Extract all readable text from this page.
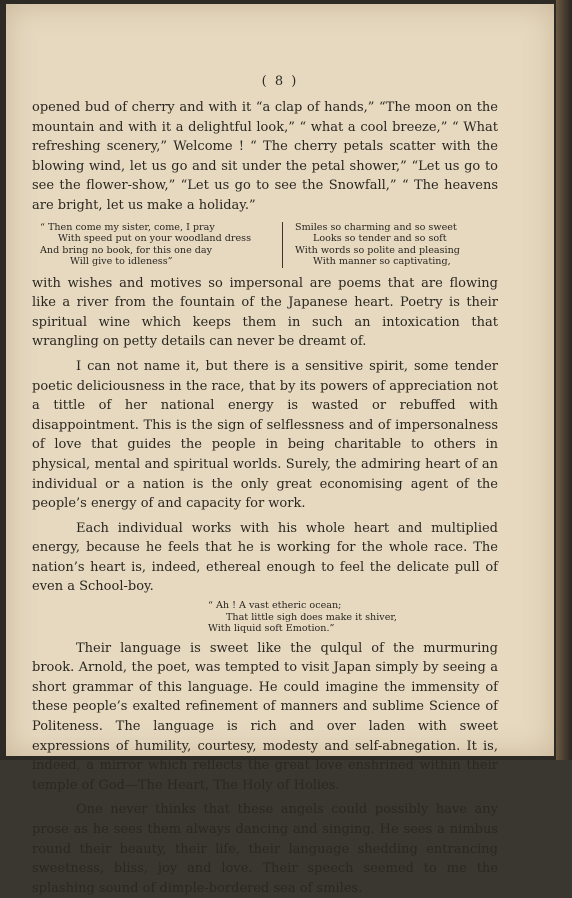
( 8 )

opened bud of cherry and with it “a clap of hands,” “The moon on the mountain and with it a delightful look,” “ what a cool breeze,” “ What refreshing scenery,” Welcome ! “ The cherry petals scatter with the blowing wind, let us go and sit under the petal shower,” “Let us go to see the flower-show,” “Let us go to see the Snowfall,” “ The heavens are bright, let us make a holiday.”

“ Then come my sister, come, I pray
With speed put on your woodland dress
And bring no book, for this one day
Will give to idleness”
Smiles so charming and so sweet
Looks so tender and so soft
With words so polite and pleasing
With manner so captivating,

with wishes and motives so impersonal are poems that are flowing like a river from the fountain of the Japanese heart. Poetry is their spiritual wine which keeps them in such an intoxication that wrangling on petty details can never be dreamt of.

I can not name it, but there is a sensitive spirit, some tender poetic deliciousness in the race, that by its powers of appreciation not a tittle of her national energy is wasted or rebuffed with disappointment. This is the sign of selflessness and of impersonalness of love that guides the people in being charitable to others in physical, mental and spiritual worlds. Surely, the admiring heart of an individual or a nation is the only great economising agent of the people’s energy of and capacity for work.

Each individual works with his whole heart and multiplied energy, because he feels that he is working for the whole race. The nation’s heart is, indeed, ethereal enough to feel the delicate pull of even a School-boy.

“ Ah ! A vast etheric ocean;
That little sigh does make it shiver,
With liquid soft Emotion.”

Their language is sweet like the qulqul of the murmuring brook. Arnold, the poet, was tempted to visit Japan simply by seeing a short grammar of this language. He could imagine the immensity of these people’s exalted refinement of manners and sublime Science of Politeness. The language is rich and over laden with sweet expressions of humility, courtesy, modesty and self-abnegation. It is, indeed, a mirror which reflects the great love enshrined within their temple of God—The Heart, The Holy of Holies.

One never thinks that these angels could possibly have any prose as he sees them always dancing and singing. He sees a nimbus round their beauty, their life, their language shedding entrancing sweetness, bliss, joy and love. Their speech seemed to me the splashing sound of dimple-bordered sea of smiles.
